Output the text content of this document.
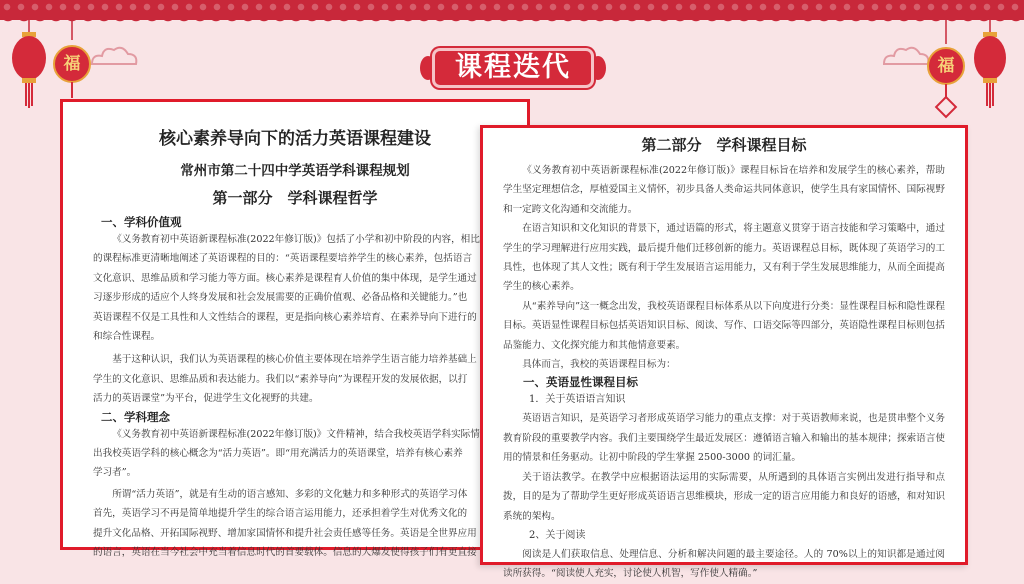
福	福
课程迭代
核心素养导向下的活力英语课程建设
常州市第二十四中学英语学科课程规划
第一部分　学科课程哲学
一、学科价值观
《义务教育初中英语新课程标准(2022年修订版)》包括了小学和初中阶段的内容，相比
的课程标准更清晰地阐述了英语课程的目的：“英语课程要培养学生的核心素养，包括语言
文化意识、思维品质和学习能力等方面。核心素养是课程育人价值的集中体现，是学生通过
习逐步形成的适应个人终身发展和社会发展需要的正确价值观、必备品格和关键能力。”也
英语课程不仅是工具性和人文性结合的课程，更是指向核心素养培育、在素养导向下进行的
和综合性课程。
基于这种认识，我们认为英语课程的核心价值主要体现在培养学生语言能力培养基础上
学生的文化意识、思维品质和表达能力。我们以“素养导向”为课程开发的发展依据，以打
活力的英语课堂”为平台，促进学生文化视野的共建。
二、学科理念
《义务教育初中英语新课程标准(2022年修订版)》文件精神，结合我校英语学科实际情
出我校英语学科的核心概念为“活力英语”。即“用充满活力的英语课堂，培养有核心素养
学习者”。
所谓“活力英语”，就是有生动的语言感知、多彩的文化魅力和多种形式的英语学习体
首先，英语学习不再是简单地提升学生的综合语言运用能力，还承担着学生对优秀文化的
提升文化品格、开拓国际视野、增加家国情怀和提升社会责任感等任务。英语是全世界应用
的语言，英语在当今社会中充当着信息时代的首要载体。信息的大爆发使得孩子们有更直接
第二部分　学科课程目标
《义务教育初中英语新课程标准(2022年修订版)》课程目标旨在培养和发展学生的核心素养，帮助学生坚定理想信念，厚植爱国主义情怀，初步具备人类命运共同体意识，使学生具有家国情怀、国际视野和一定跨文化沟通和交流能力。
在语言知识和文化知识的背景下，通过语篇的形式，将主题意义贯穿于语言技能和学习策略中，通过学生的学习理解进行应用实践，最后提升他们迁移创新的能力。英语课程总目标，既体现了英语学习的工具性，也体现了其人文性；既有利于学生发展语言运用能力，又有利于学生发展思维能力，从而全面提高学生的核心素养。
从“素养导向”这一概念出发，我校英语课程目标体系从以下向度进行分类：显性课程目标和隐性课程目标。英语显性课程目标包括英语知识目标、阅读、写作、口语交际等四部分，英语隐性课程目标则包括品鉴能力、文化探究能力和其他情意要素。
具体而言，我校的英语课程目标为：
一、英语显性课程目标
1．关于英语语言知识
英语语言知识，是英语学习者形成英语学习能力的重点支撑：对于英语教师来说，也是贯串整个义务教育阶段的重要教学内容。我们主要围绕学生最近发展区：遵循语言输入和输出的基本规律；探索语言使用的情景和任务驱动。让初中阶段的学生掌握 2500-3000 的词汇量。
关于语法教学。在教学中应根据语法运用的实际需要，从所遇到的具体语言实例出发进行指导和点拨，目的是为了帮助学生更好形成英语语言思维模块，形成一定的语言应用能力和良好的语感，和对知识系统的架构。
2、关于阅读
阅读是人们获取信息、处理信息、分析和解决问题的最主要途径。人的 70%以上的知识都是通过阅读所获得。“阅读使人充实，讨论使人机智，写作使人精确。”
